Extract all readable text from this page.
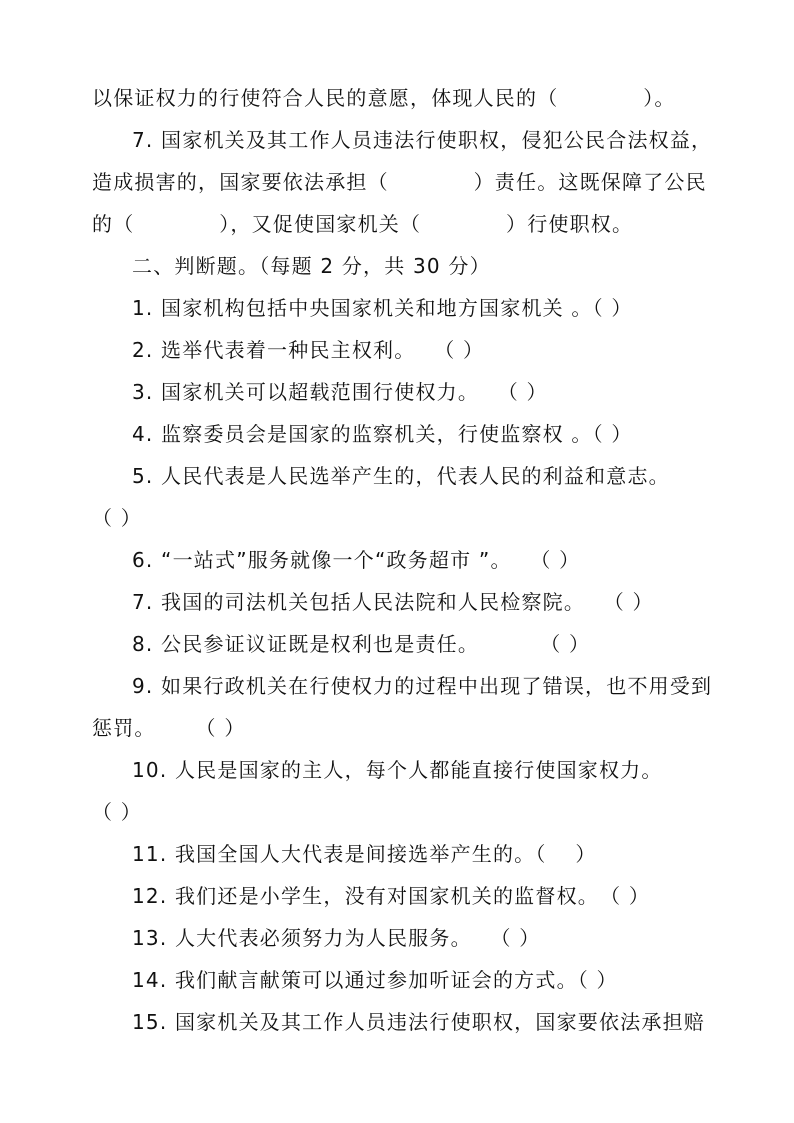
以保证权力的行使符合人民的意愿，体现人民的（　　　　）。
7. 国家机关及其工作人员违法行使职权，侵犯公民合法权益，
造成损害的，国家要依法承担（　　　　）责任。这既保障了公民
的（　　　　），又促使国家机关（　　　　）行使职权。
二、判断题。（每题 2 分，共 30 分）
1. 国家机构包括中央国家机关和地方国家机关 。（ ）
2. 选举代表着一种民主权利。　 （ ）
3. 国家机关可以超载范围行使权力。　 （ ）
4. 监察委员会是国家的监察机关，行使监察权 。（ ）
5. 人民代表是人民选举产生的，代表人民的利益和意志。
（ ）
6. “一站式”服务就像一个“政务超市 ”。　 （ ）
7. 我国的司法机关包括人民法院和人民检察院。　 （ ）
8. 公民参证议证既是权利也是责任。　　　 （ ）
9. 如果行政机关在行使权力的过程中出现了错误，也不用受到
惩罚。　　 （ ）
10. 人民是国家的主人，每个人都能直接行使国家权力。
（ ）
11. 我国全国人大代表是间接选举产生的。（　 ）
12. 我们还是小学生，没有对国家机关的监督权。　（ ）
13. 人大代表必须努力为人民服务。　 （ ）
14. 我们献言献策可以通过参加听证会的方式。（ ）
15. 国家机关及其工作人员违法行使职权，国家要依法承担赔
